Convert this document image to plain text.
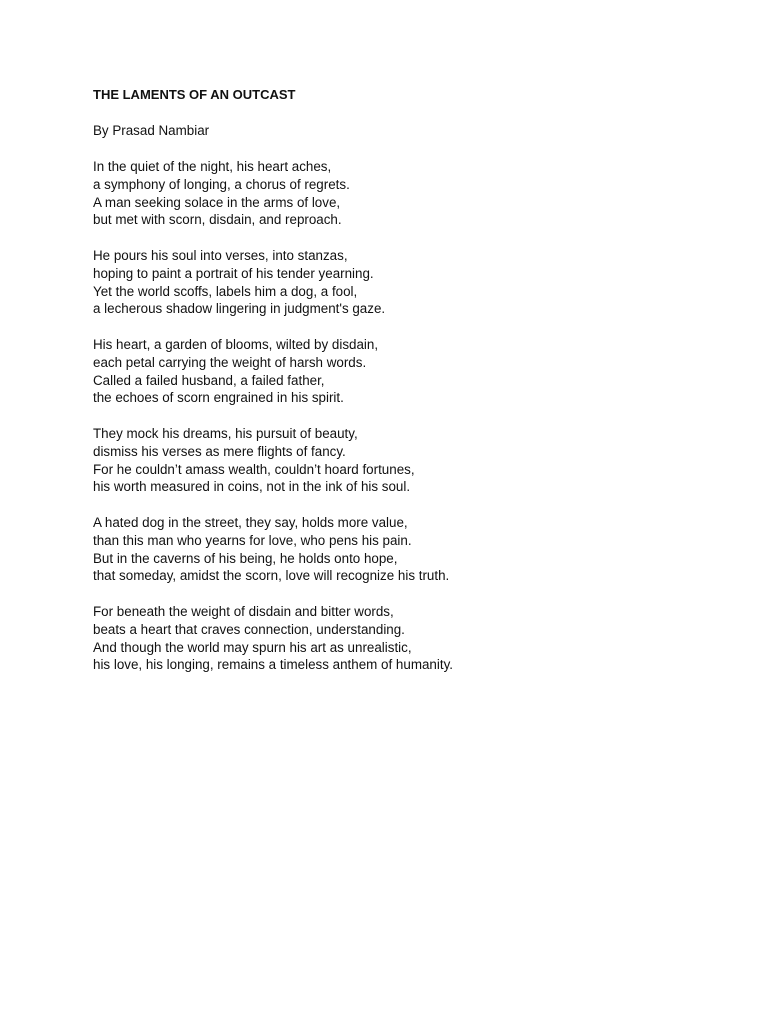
THE LAMENTS OF AN OUTCAST
By Prasad Nambiar
In the quiet of the night, his heart aches,
a symphony of longing, a chorus of regrets.
A man seeking solace in the arms of love,
but met with scorn, disdain, and reproach.
He pours his soul into verses, into stanzas,
hoping to paint a portrait of his tender yearning.
Yet the world scoffs, labels him a dog, a fool,
a lecherous shadow lingering in judgment's gaze.
His heart, a garden of blooms, wilted by disdain,
each petal carrying the weight of harsh words.
Called a failed husband, a failed father,
the echoes of scorn engrained in his spirit.
They mock his dreams, his pursuit of beauty,
dismiss his verses as mere flights of fancy.
For he couldn’t amass wealth, couldn’t hoard fortunes,
his worth measured in coins, not in the ink of his soul.
A hated dog in the street, they say, holds more value,
than this man who yearns for love, who pens his pain.
But in the caverns of his being, he holds onto hope,
that someday, amidst the scorn, love will recognize his truth.
For beneath the weight of disdain and bitter words,
beats a heart that craves connection, understanding.
And though the world may spurn his art as unrealistic,
his love, his longing, remains a timeless anthem of humanity.
